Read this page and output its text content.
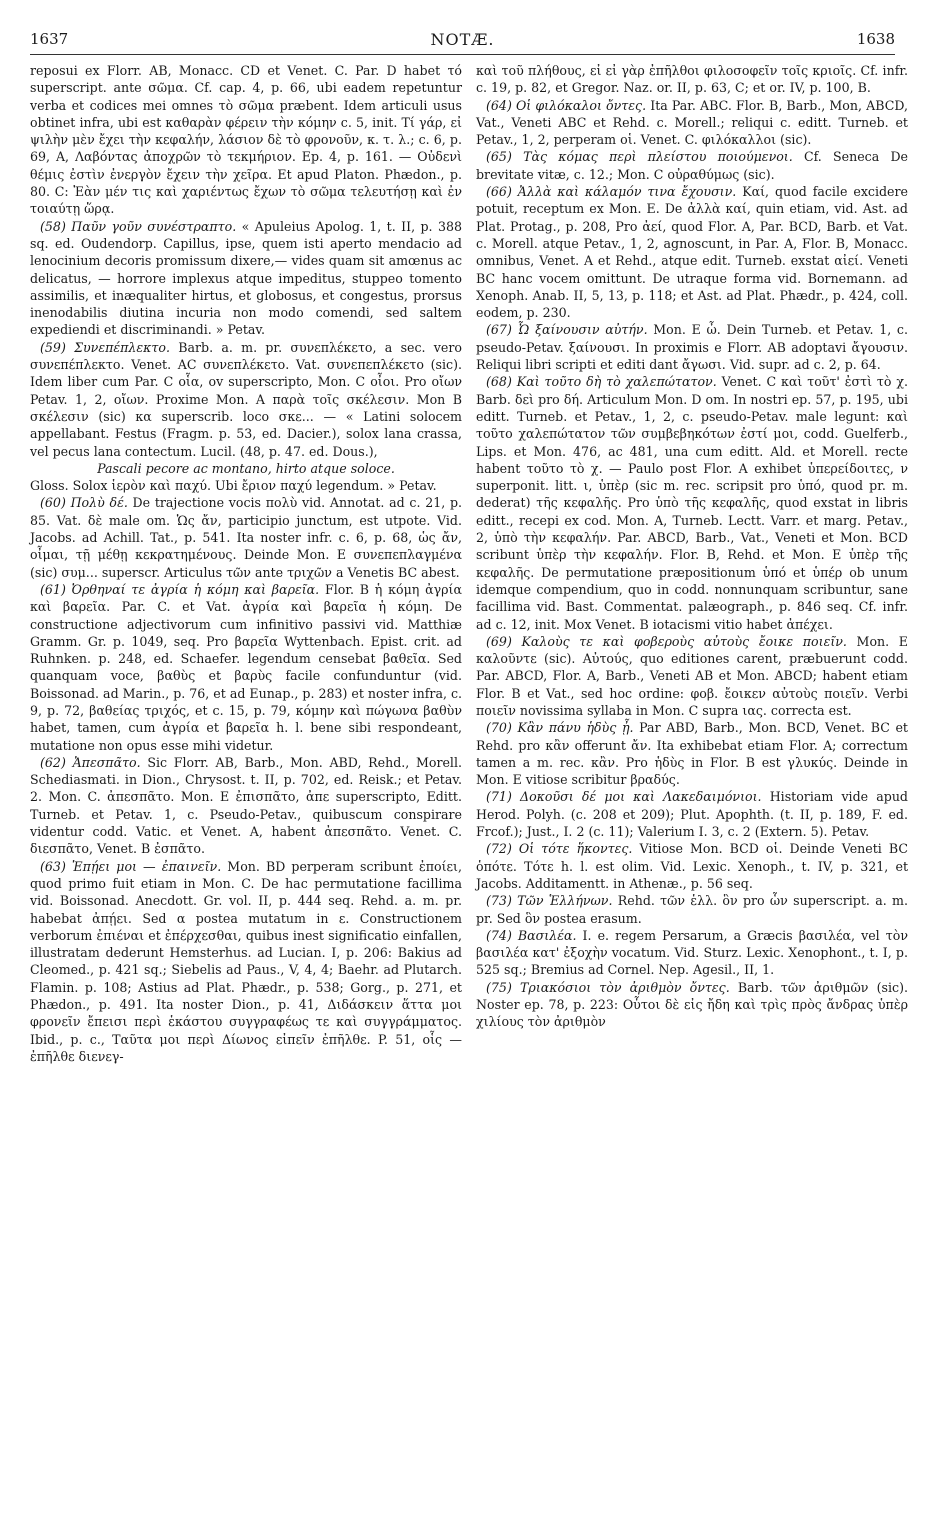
1637	NOTÆ.	1638

reposui ex Florr. AB, Monacc. CD et Venet. C. Par. D habet τό superscript. ante σῶμα. Cf. cap. 4, p. 66, ubi eadem repetuntur verba et codices mei omnes τὸ σῶμα præbent. Idem articuli usus obtinet infra, ubi est καθαρὰν φέρειν τὴν κόμην c. 5, init. Τί γάρ, εἰ ψιλὴν μὲν ἔχει τὴν κεφαλήν, λάσιον δὲ τὸ φρονοῦν, κ. τ. λ.; c. 6, p. 69, A, Λαβόντας ἀποχρῶν τὸ τεκμήριον. Ep. 4, p. 161. — Οὐδενὶ θέμις ἐστὶν ἐνεργὸν ἔχειν τὴν χεῖρα. Et apud Platon. Phædon., p. 80. C: Ἐὰν μέν τις καὶ χαριέντως ἔχων τὸ σῶμα τελευτήσῃ καὶ ἐν τοιαύτῃ ὥρᾳ.

(58) Παῦν γοῦν συνέστραπτο. « Apuleius Apolog. 1, t. II, p. 388 sq. ed. Oudendorp. Capillus, ipse, quem isti aperto mendacio ad lenocinium decoris promissum dixere,— vides quam sit amœnus ac delicatus, — horrore implexus atque impeditus, stuppeo tomento assimilis, et inæqualiter hirtus, et globosus, et congestus, prorsus inenodabilis diutina incuria non modo comendi, sed saltem expediendi et discriminandi. » Petav.

(59) Συνεπέπλεκτο. Barb. a. m. pr. συνεπλέκετο, a sec. vero συνεπέπλεκτο. Venet. AC συνεπλέκετο. Vat. συνεπεπλέκετο (sic). Idem liber cum Par. C οἷα, ov superscripto, Mon. C οἶοι. Pro οἴων Petav. 1, 2, οἴων. Proxime Mon. A παρὰ τοῖς σκέλεσιν. Mon B σκέλεσιν (sic) κα superscrib. loco σκε... — « Latini solocem appellabant. Festus (Fragm. p. 53, ed. Dacier.), solox lana crassa, vel pecus lana contectum. Lucil. (48, p. 47. ed. Dous.),

Pascali pecore ac montano, hirto atque soloce.

Gloss. Solox ἱερὸν καὶ παχύ. Ubi ἔριον παχύ legendum. » Petav.

(60) Πολὺ δέ. De trajectione vocis πολὺ vid. Annotat. ad c. 21, p. 85. Vat. δὲ male om. Ὡς ἄν, participio junctum, est utpote. Vid. Jacobs. ad Achill. Tat., p. 541. Ita noster infr. c. 6, p. 68, ὡς ἄν, οἶμαι, τῇ μέθῃ κεκρατημένους. Deinde Mon. E συνεπεπλαγμένα (sic) συμ... superscr. Articulus τῶν ante τριχῶν a Venetis BC abest.

(61) Ὀρθηναί τε ἀγρία ἡ κόμη καὶ βαρεῖα. Flor. B ἡ κόμη ἀγρία καὶ βαρεῖα. Par. C. et Vat. ἀγρία καὶ βαρεῖα ἡ κόμη. De constructione adjectivorum cum infinitivo passivi vid. Matthiæ Gramm. Gr. p. 1049, seq. Pro βαρεῖα Wyttenbach. Epist. crit. ad Ruhnken. p. 248, ed. Schaefer. legendum censebat βαθεῖα. Sed quanquam voce, βαθὺς et βαρὺς facile confunduntur (vid. Boissonad. ad Marin., p. 76, et ad Eunap., p. 283) et noster infra, c. 9, p. 72, βαθείας τριχός, et c. 15, p. 79, κόμην καὶ πώγωνα βαθὺν habet, tamen, cum ἀγρία et βαρεῖα h. l. bene sibi respondeant, mutatione non opus esse mihi videtur.

(62) Ἀπεσπᾶτο. Sic Florr. AB, Barb., Mon. ABD, Rehd., Morell. Schediasmati. in Dion., Chrysost. t. II, p. 702, ed. Reisk.; et Petav. 2. Mon. C. ἀπεσπᾶτο. Mon. E ἐπισπᾶτο, ἀπε superscripto, Editt. Turneb. et Petav. 1, c. Pseudo-Petav., quibuscum conspirare videntur codd. Vatic. et Venet. A, habent ἀπεσπᾶτο. Venet. C. διεσπᾶτο, Venet. B ἐσπᾶτο.

(63) Ἐπῄει μοι — ἐπαινεῖν. Mon. BD perperam scribunt ἐποίει, quod primo fuit etiam in Mon. C. De hac permutatione facillima vid. Boissonad. Anecdott. Gr. vol. II, p. 444 seq. Rehd. a. m. pr. habebat ἀπῄει. Sed α postea mutatum in ε. Constructionem verborum ἐπιέναι et ἐπέρχεσθαι, quibus inest significatio einfallen, illustratam dederunt Hemsterhus. ad Lucian. I, p. 206: Bakius ad Cleomed., p. 421 sq.; Siebelis ad Paus., V, 4, 4; Baehr. ad Plutarch. Flamin. p. 108; Astius ad Plat. Phædr., p. 538; Gorg., p. 271, et Phædon., p. 491. Ita noster Dion., p. 41, Διδάσκειν ἅττα μοι φρονεῖν ἔπεισι περὶ ἑκάστου συγγραφέως τε καὶ συγγράμματος. Ibid., p. c., Ταῦτα μοι περὶ Δίωνος εἰπεῖν ἐπῆλθε. P. 51, οἷς — ἐπῆλθε διενεγ-

καὶ τοῦ πλήθους, εἰ εἰ γὰρ ἐπῆλθοι φιλοσοφεῖν τοῖς κριοῖς. Cf. infr. c. 19, p. 82, et Gregor. Naz. or. II, p. 63, C; et or. IV, p. 100, B.

(64) Οἱ φιλόκαλοι ὄντες. Ita Par. ABC. Flor. B, Barb., Mon, ABCD, Vat., Veneti ABC et Rehd. c. Morell.; reliqui c. editt. Turneb. et Petav., 1, 2, perperam οἱ. Venet. C. φιλόκαλλοι (sic).

(65) Τὰς κόμας περὶ πλείστου ποιούμενοι. Cf. Seneca De brevitate vitæ, c. 12.; Mon. C οὐραθύμως (sic).

(66) Ἀλλὰ καὶ κάλαμόν τινα ἔχουσιν. Καί, quod facile excidere potuit, receptum ex Mon. E. De ἀλλὰ καί, quin etiam, vid. Ast. ad Plat. Protag., p. 208, Pro ἀεί, quod Flor. A, Par. BCD, Barb. et Vat. c. Morell. atque Petav., 1, 2, agnoscunt, in Par. A, Flor. B, Monacc. omnibus, Venet. A et Rehd., atque edit. Turneb. exstat αἰεί. Veneti BC hanc vocem omittunt. De utraque forma vid. Bornemann. ad Xenoph. Anab. II, 5, 13, p. 118; et Ast. ad Plat. Phædr., p. 424, coll. eodem, p. 230.

(67) Ὦ ξαίνουσιν αὐτήν. Mon. E ὦ. Dein Turneb. et Petav. 1, c. pseudo-Petav. ξαίνουσι. In proximis e Florr. AB adoptavi ἄγουσιν. Reliqui libri scripti et editi dant ἄγωσι. Vid. supr. ad c. 2, p. 64.

(68) Καὶ τοῦτο δὴ τὸ χαλεπώτατον. Venet. C καὶ τοῦτ' ἐστὶ τὸ χ. Barb. δεὶ pro δή. Articulum Mon. D om. In nostri ep. 57, p. 195, ubi editt. Turneb. et Petav., 1, 2, c. pseudo-Petav. male legunt: καὶ τοῦτο χαλεπώτατον τῶν συμβεβηκότων ἐστί μοι, codd. Guelferb., Lips. et Mon. 476, ac 481, una cum editt. Ald. et Morell. recte habent τοῦτο τὸ χ. — Paulo post Flor. A exhibet ὑπερείδοιτες, ν superponit. litt. ι, ὑπὲρ (sic m. rec. scripsit pro ὑπό, quod pr. m. dederat) τῆς κεφαλῆς. Pro ὑπὸ τῆς κεφαλῆς, quod exstat in libris editt., recepi ex cod. Mon. A, Turneb. Lectt. Varr. et marg. Petav., 2, ὑπὸ τὴν κεφαλήν. Par. ABCD, Barb., Vat., Veneti et Mon. BCD scribunt ὑπὲρ τὴν κεφαλήν. Flor. B, Rehd. et Mon. E ὑπὲρ τῆς κεφαλῆς. De permutatione præpositionum ὑπό et ὑπέρ ob unum idemque compendium, quo in codd. nonnunquam scribuntur, sane facillima vid. Bast. Commentat. palæograph., p. 846 seq. Cf. infr. ad c. 12, init. Mox Venet. B iotacismi vitio habet ἀπέχει.

(69) Καλοὺς τε καὶ φοβεροὺς αὐτοὺς ἔοικε ποιεῖν. Mon. E καλοῦντε (sic). Αὐτούς, quo editiones carent, præbuerunt codd. Par. ABCD, Flor. A, Barb., Veneti AB et Mon. ABCD; habent etiam Flor. B et Vat., sed hoc ordine: φοβ. ἔοικεν αὐτοὺς ποιεῖν. Verbi ποιεῖν novissima syllaba in Mon. C supra ιας. correcta est.

(70) Κἂν πάνυ ἡδὺς ᾖ. Par ABD, Barb., Mon. BCD, Venet. BC et Rehd. pro κἂν offerunt ἄν. Ita exhibebat etiam Flor. A; correctum tamen a m. rec. κἂν. Pro ἡδὺς in Flor. B est γλυκύς. Deinde in Mon. E vitiose scribitur βραδύς.

(71) Δοκοῦσι δέ μοι καὶ Λακεδαιμόνιοι. Historiam vide apud Herod. Polyh. (c. 208 et 209); Plut. Apophth. (t. II, p. 189, F. ed. Frcof.); Just., I. 2 (c. 11); Valerium I. 3, c. 2 (Extern. 5). Petav.

(72) Οἱ τότε ἥκοντες. Vitiose Mon. BCD οἱ. Deinde Veneti BC ὁπότε. Τότε h. l. est olim. Vid. Lexic. Xenoph., t. IV, p. 321, et Jacobs. Additamentt. in Athenæ., p. 56 seq.

(73) Τῶν Ἑλλήνων. Rehd. τῶν ἑλλ. ὃν pro ὧν superscript. a. m. pr. Sed ὃν postea erasum.

(74) Βασιλέα. I. e. regem Persarum, a Græcis βασιλέα, vel τὸν βασιλέα κατ' ἐξοχὴν vocatum. Vid. Sturz. Lexic. Xenophont., t. I, p. 525 sq.; Bremius ad Cornel. Nep. Agesil., II, 1.

(75) Τριακόσιοι τὸν ἀριθμὸν ὄντες. Barb. τῶν ἀριθμῶν (sic). Noster ep. 78, p. 223: Οὗτοι δὲ εἰς ἤδη καὶ τρὶς πρὸς ἄνδρας ὑπὲρ χιλίους τὸν ἀριθμὸν
